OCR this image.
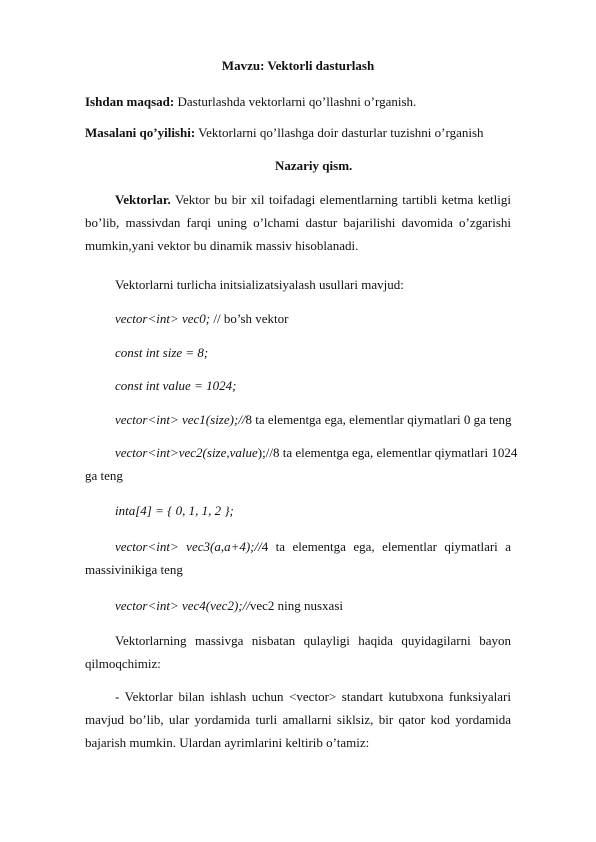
Mavzu: Vektorli dasturlash
Ishdan maqsad: Dasturlashda vektorlarni qo’llashni o’rganish.
Masalani qo’yilishi: Vektorlarni qo’llashga doir dasturlar tuzishni o’rganish
Nazariy qism.
Vektorlar. Vektor bu bir xil toifadagi elementlarning tartibli ketma ketligi
bo’lib, massivdan farqi uning o’lchami dastur bajarilishi davomida o’zgarishi
mumkin,yani vektor bu dinamik massiv hisoblanadi.
Vektorlarni turlicha initsializatsiyalash usullari mavjud:
vector<int> vec0; // bo’sh vektor
const int size = 8;
const int value = 1024;
vector<int> vec1(size);//8 ta elementga ega, elementlar qiymatlari 0 ga teng
vector<int>vec2(size,value);//8 ta elementga ega, elementlar qiymatlari 1024
ga teng
inta[4] = { 0, 1, 1, 2 };
vector<int> vec3(a,a+4);//4 ta elementga ega, elementlar qiymatlari a
massivinikiga teng
vector<int> vec4(vec2);//vec2 ning nusxasi
Vektorlarning massivga nisbatan qulayligi haqida quyidagilarni bayon
qilmoqchimiz:
- Vektorlar bilan ishlash uchun <vector> standart kutubxona funksiyalari
mavjud bo’lib, ular yordamida turli amallarni siklsiz, bir qator kod yordamida
bajarish mumkin. Ulardan ayrimlarini keltirib o’tamiz:
